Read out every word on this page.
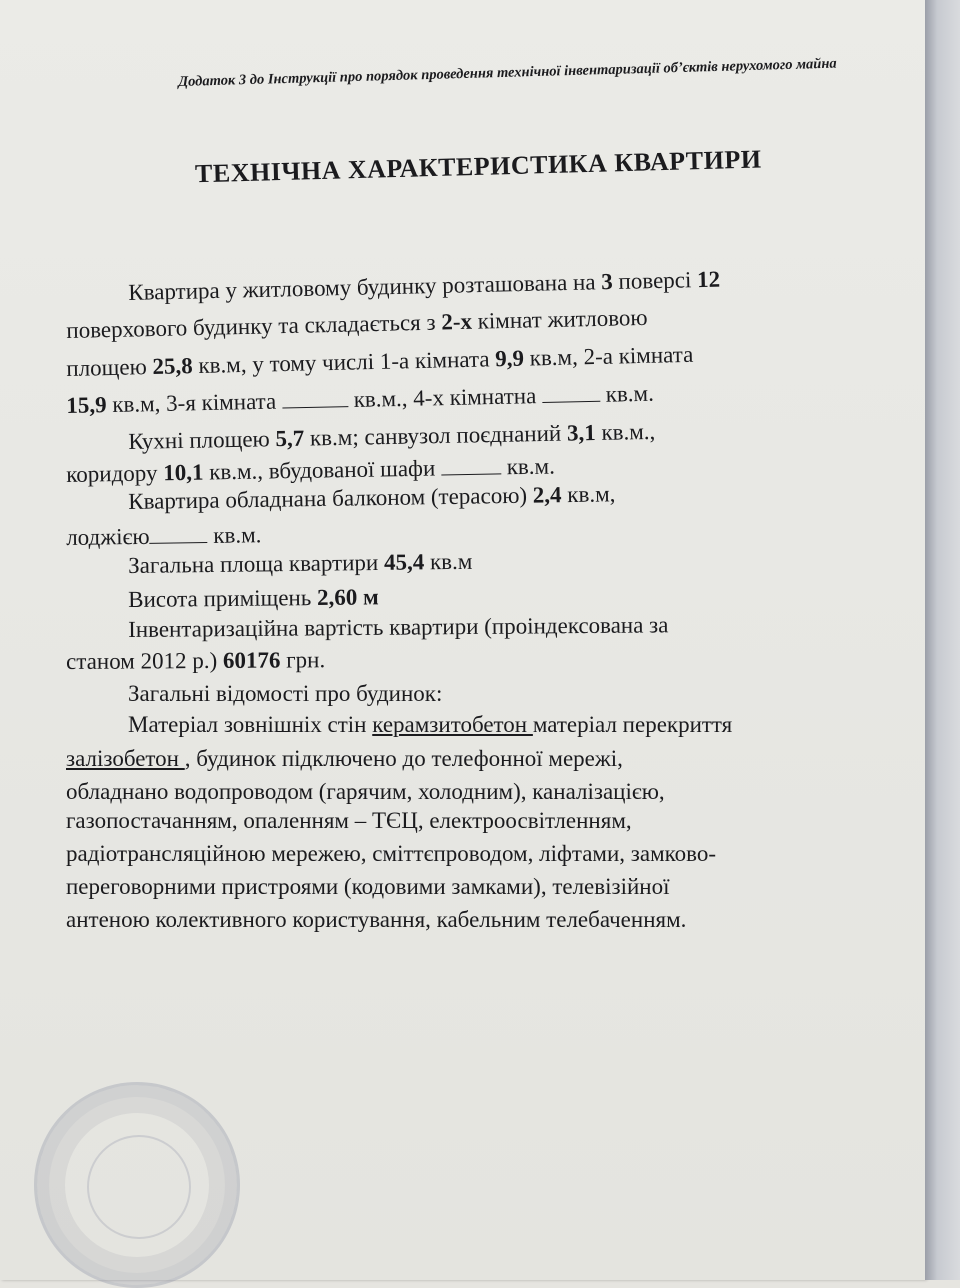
Додаток 3 до Інструкції про порядок проведення технічної інвентаризації об’єктів нерухомого майна
ТЕХНІЧНА ХАРАКТЕРИСТИКА КВАРТИРИ
Квартира у житловому будинку розташована на 3 поверсі 12
поверхового будинку та складається з 2-х кімнат житловою
площею 25,8 кв.м, у тому числі 1-а кімната 9,9 кв.м, 2-а кімната
15,9 кв.м, 3-я кімната	кв.м., 4-х кімнатна  кв.м.
Кухні площею 5,7 кв.м; санвузол поєднаний 3,1 кв.м.,
коридору 10,1 кв.м., вбудованої шафи	кв.м.
Квартира обладнана балконом (терасою) 2,4 кв.м,
лоджією	кв.м.
Загальна площа квартири 45,4 кв.м
Висота приміщень 2,60 м
Інвентаризаційна вартість квартири (проіндексована за
станом 2012 р.) 60176 грн.
Загальні відомості про будинок:
Матеріал зовнішніх стін керамзитобетон матеріал перекриття
залізобетон , будинок підключено до телефонної мережі,
обладнано водопроводом (гарячим, холодним), каналізацією,
газопостачанням, опаленням – ТЄЦ, електроосвітленням,
радіотрансляційною мережею, сміттєпроводом, ліфтами, замково-
переговорними пристроями (кодовими замками), телевізійної
антеною колективного користування, кабельним телебаченням.
